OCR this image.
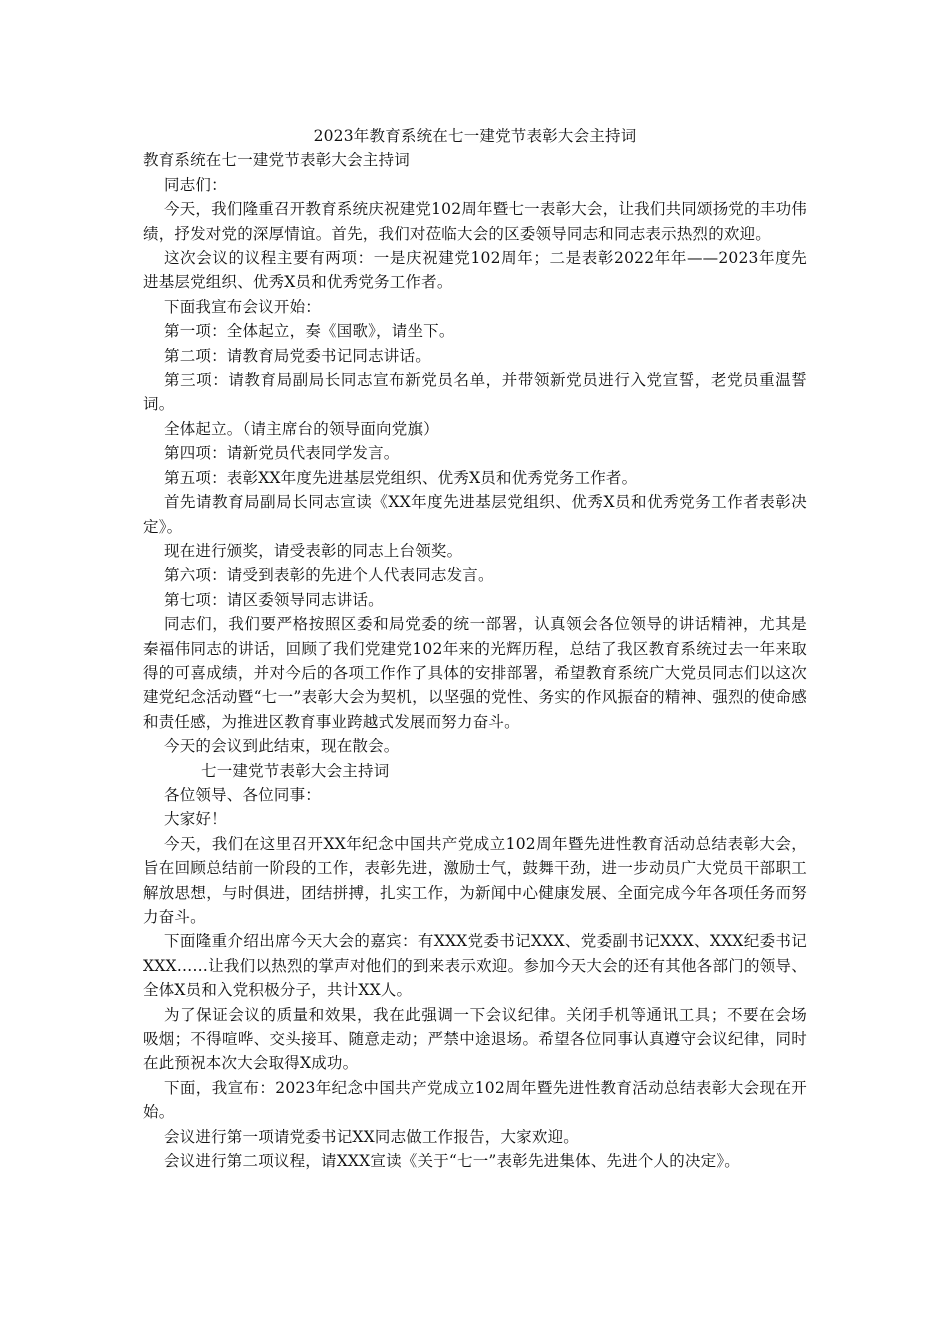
2023年教育系统在七一建党节表彰大会主持词

教育系统在七一建党节表彰大会主持词

同志们：

今天，我们隆重召开教育系统庆祝建党102周年暨七一表彰大会，让我们共同颂扬党的丰功伟绩，抒发对党的深厚情谊。首先，我们对莅临大会的区委领导同志和同志表示热烈的欢迎。

这次会议的议程主要有两项：一是庆祝建党102周年；二是表彰2022年年——2023年度先进基层党组织、优秀X员和优秀党务工作者。

下面我宣布会议开始：

第一项：全体起立，奏《国歌》，请坐下。

第二项：请教育局党委书记同志讲话。

第三项：请教育局副局长同志宣布新党员名单，并带领新党员进行入党宣誓，老党员重温誓词。

全体起立。（请主席台的领导面向党旗）

第四项：请新党员代表同学发言。

第五项：表彰XX年度先进基层党组织、优秀X员和优秀党务工作者。

首先请教育局副局长同志宣读《XX年度先进基层党组织、优秀X员和优秀党务工作者表彰决定》。

现在进行颁奖，请受表彰的同志上台领奖。

第六项：请受到表彰的先进个人代表同志发言。

第七项：请区委领导同志讲话。

同志们，我们要严格按照区委和局党委的统一部署，认真领会各位领导的讲话精神，尤其是秦福伟同志的讲话，回顾了我们党建党102年来的光辉历程，总结了我区教育系统过去一年来取得的可喜成绩，并对今后的各项工作作了具体的安排部署，希望教育系统广大党员同志们以这次建党纪念活动暨“七一”表彰大会为契机，以坚强的党性、务实的作风振奋的精神、强烈的使命感和责任感，为推进区教育事业跨越式发展而努力奋斗。

今天的会议到此结束，现在散会。

七一建党节表彰大会主持词

各位领导、各位同事：

大家好！

今天，我们在这里召开XX年纪念中国共产党成立102周年暨先进性教育活动总结表彰大会，旨在回顾总结前一阶段的工作，表彰先进，激励士气，鼓舞干劲，进一步动员广大党员干部职工解放思想，与时俱进，团结拼搏，扎实工作，为新闻中心健康发展、全面完成今年各项任务而努力奋斗。

下面隆重介绍出席今天大会的嘉宾：有XXX党委书记XXX、党委副书记XXX、XXX纪委书记XXX……让我们以热烈的掌声对他们的到来表示欢迎。参加今天大会的还有其他各部门的领导、全体X员和入党积极分子，共计XX人。

为了保证会议的质量和效果，我在此强调一下会议纪律。关闭手机等通讯工具；不要在会场吸烟；不得喧哗、交头接耳、随意走动；严禁中途退场。希望各位同事认真遵守会议纪律，同时在此预祝本次大会取得X成功。

下面，我宣布：2023年纪念中国共产党成立102周年暨先进性教育活动总结表彰大会现在开始。

会议进行第一项请党委书记XX同志做工作报告，大家欢迎。

会议进行第二项议程，请XXX宣读《关于“七一”表彰先进集体、先进个人的决定》。
